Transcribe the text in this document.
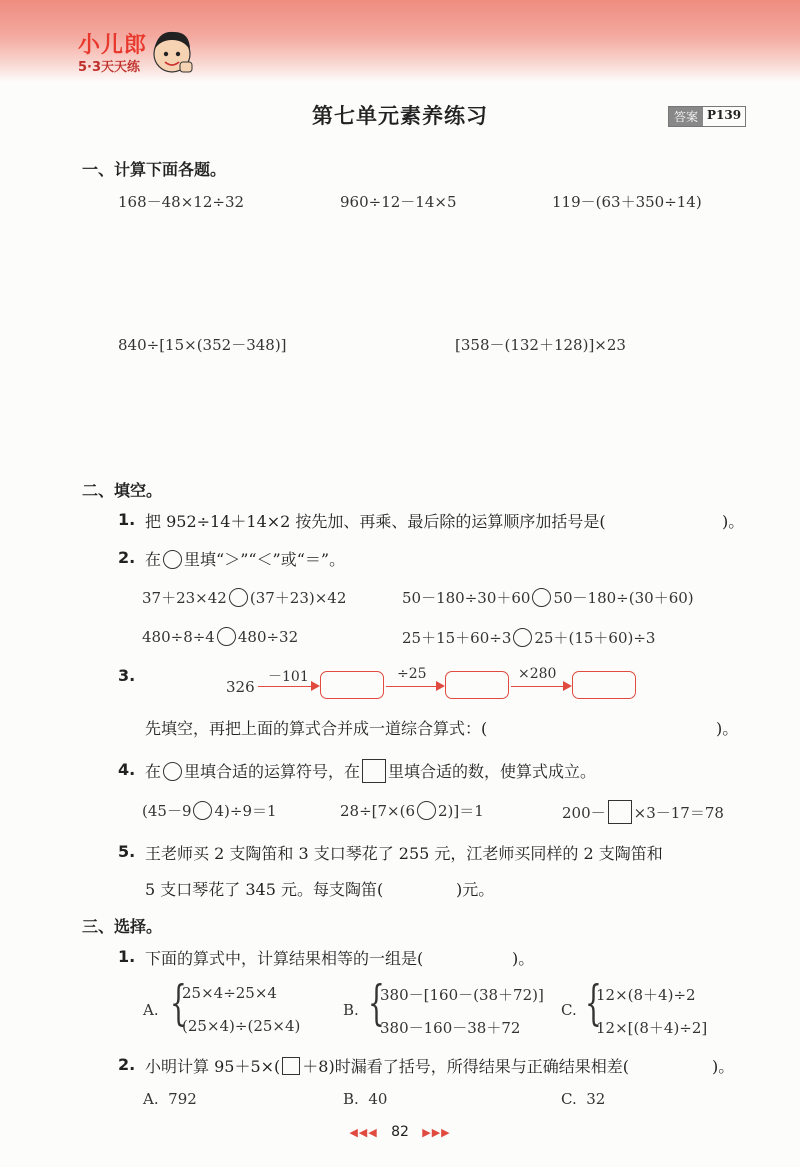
小儿郎
5·3天天练
第七单元素养练习	答案 P139
一、计算下面各题。
168－48×12÷32	960÷12－14×5	119－(63＋350÷14)
840÷[15×(352－348)]	[358－(132＋128)]×23
二、填空。
1. 把 952÷14＋14×2 按先加、再乘、最后除的运算顺序加括号是(	)。
2. 在 里填“＞”“＜”或“＝”。
37＋23×42 (37＋23)×42	50－180÷30＋60 50－180÷(30＋60)
480÷8÷4 480÷32	25＋15＋60÷3 25＋(15＋60)÷3
3.
326
－101	÷25	×280
先填空，再把上面的算式合并成一道综合算式：(	)。
4. 在 里填合适的运算符号，在 里填合适的数，使算式成立。
(45－9 4)÷9＝1	28÷[7×(6 2)]＝1	200－ ×3－17＝78
5. 王老师买 2 支陶笛和 3 支口琴花了 255 元，江老师买同样的 2 支陶笛和
5 支口琴花了 345 元。每支陶笛(	)元。
三、选择。
1. 下面的算式中，计算结果相等的一组是(	)。
A. {
25×4÷25×4
(25×4)÷(25×4)
B. {
380－[160－(38＋72)]
380－160－38＋72
C. {
12×(8＋4)÷2
12×[(8＋4)÷2]
2. 小明计算 95＋5×( ＋8)时漏看了括号，所得结果与正确结果相差(	)。
A. 792	B. 40	C. 32
◀◀◀ 82 ▶▶▶
